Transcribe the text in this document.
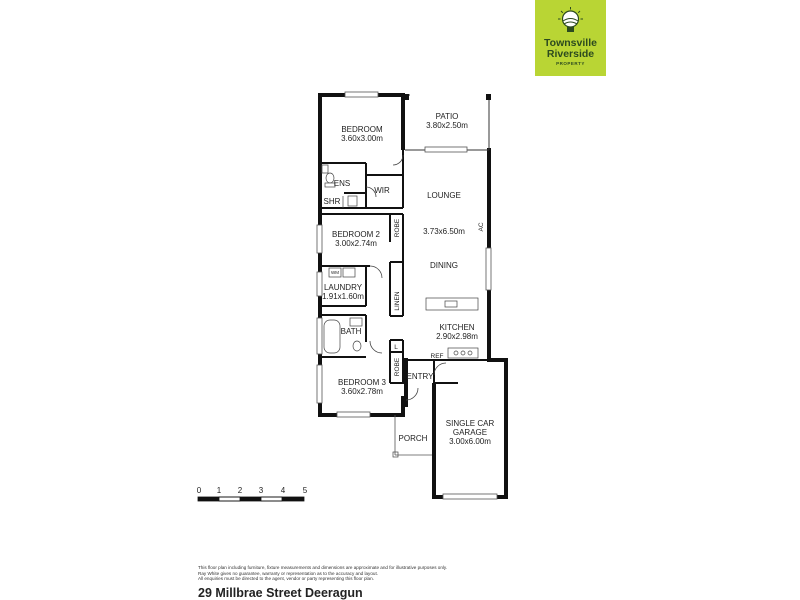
Townsville
Riverside
PROPERTY
BEDROOM
3.60x3.00m
PATIO
3.80x2.50m
ENS
WIR
SHR
LOUNGE
3.73x6.50m AC
BEDROOM 2
3.00x2.74m
ROBE
DINING
LAUNDRY
1.91x1.60m
WM
LINEN
BATH	KITCHEN
2.90x2.98m
REF
L
ROBE
ENTRY
BEDROOM 3
3.60x2.78m
SINGLE CAR
GARAGE
3.00x6.00m
PORCH
0 1 2 3 4 5
This floor plan including furniture, fixture measurements and dimensions are approximate and for illustrative purposes only.
Ray White gives no guarantee, warranty or representation as to the accuracy and layout.
All enquiries must be directed to the agent, vendor or party representing this floor plan.
29 Millbrae Street Deeragun
